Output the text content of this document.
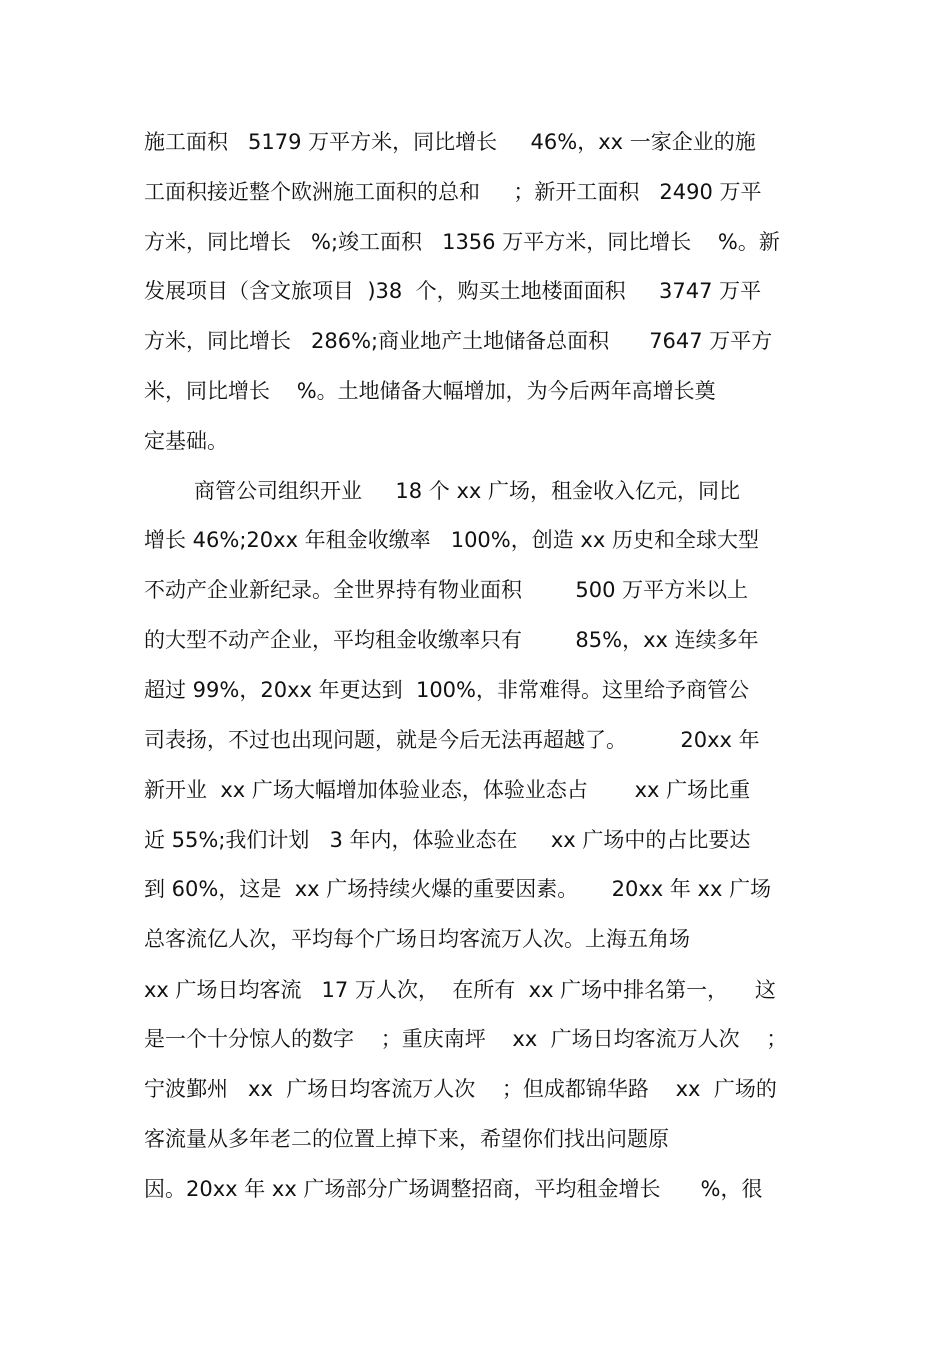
施工面积   5179 万平方米，同比增长     46%，xx 一家企业的施
工面积接近整个欧洲施工面积的总和     ；新开工面积   2490 万平
方米，同比增长   %;竣工面积   1356 万平方米，同比增长    %。新
发展项目（含文旅项目  )38  个，购买土地楼面面积     3747 万平
方米，同比增长   286%;商业地产土地储备总面积      7647 万平方
米，同比增长    %。土地储备大幅增加，为今后两年高增长奠
定基础。
商管公司组织开业     18 个 xx 广场，租金收入亿元，同比
增长 46%;20xx 年租金收缴率   100%，创造 xx 历史和全球大型
不动产企业新纪录。全世界持有物业面积        500 万平方米以上
的大型不动产企业，平均租金收缴率只有        85%，xx 连续多年
超过 99%，20xx 年更达到  100%，非常难得。这里给予商管公
司表扬，不过也出现问题，就是今后无法再超越了。        20xx 年
新开业  xx 广场大幅增加体验业态，体验业态占       xx 广场比重
近 55%;我们计划   3 年内，体验业态在     xx 广场中的占比要达
到 60%，这是  xx 广场持续火爆的重要因素。     20xx 年 xx 广场
总客流亿人次，平均每个广场日均客流万人次。上海五角场
xx 广场日均客流   17 万人次，  在所有  xx 广场中排名第一，    这
是一个十分惊人的数字    ；重庆南坪    xx  广场日均客流万人次    ；
宁波鄞州   xx  广场日均客流万人次    ；但成都锦华路    xx  广场的
客流量从多年老二的位置上掉下来，希望你们找出问题原
因。20xx 年 xx 广场部分广场调整招商，平均租金增长      %，很
